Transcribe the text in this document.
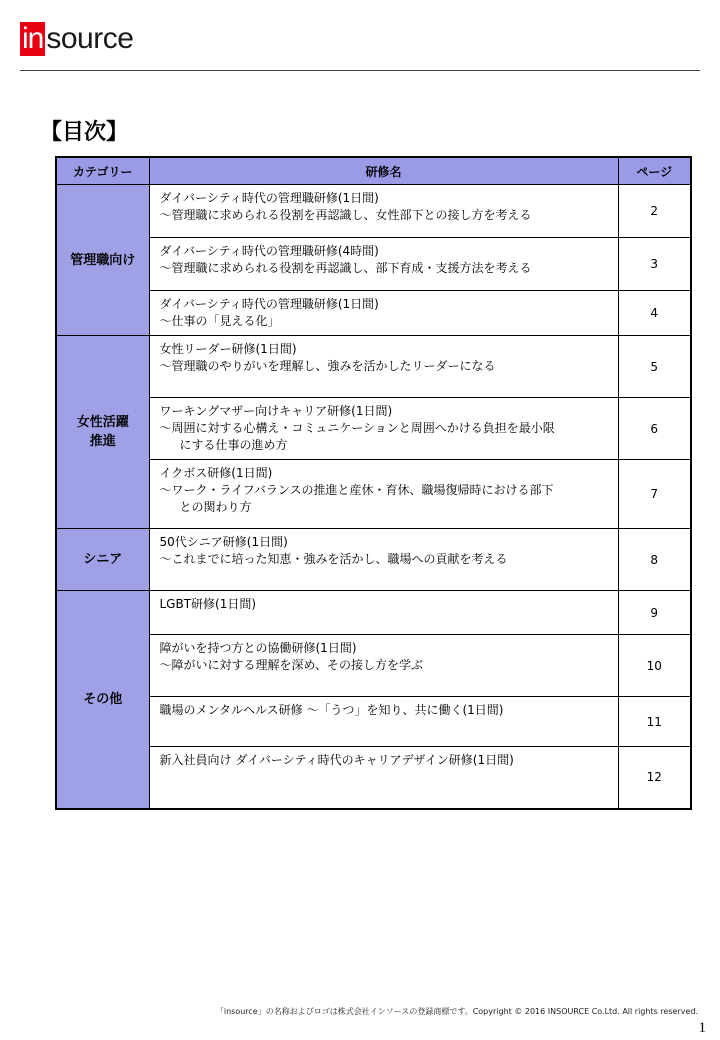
in source
【目次】
カテゴリー	研修名	ページ
管理職向け	ダイバーシティ時代の管理職研修(1日間)
～管理職に求められる役割を再認識し、女性部下との接し方を考える	2

	ダイバーシティ時代の管理職研修(4時間)
～管理職に求められる役割を再認識し、部下育成・支援方法を考える	3

	ダイバーシティ時代の管理職研修(1日間)
～仕事の「見える化」	4
女性活躍推進	女性リーダー研修(1日間)
～管理職のやりがいを理解し、強みを活かしたリーダーになる	5

	ワーキングマザー向けキャリア研修(1日間)
～周囲に対する心構え・コミュニケーションと周囲へかける負担を最小限
にする仕事の進め方	6

	イクボス研修(1日間)
～ワーク・ライフバランスの推進と産休・育休、職場復帰時における部下
との関わり方	7
シニア	50代シニア研修(1日間)
～これまでに培った知恵・強みを活かし、職場への貢献を考える	8
その他	LGBT研修(1日間)	9

	障がいを持つ方との協働研修(1日間)
～障がいに対する理解を深め、その接し方を学ぶ	10

	職場のメンタルヘルス研修 ～「うつ」を知り、共に働く(1日間)	11

	新入社員向け ダイバーシティ時代のキャリアデザイン研修(1日間)	12
「insource」の名称およびロゴは株式会社インソースの登録商標です。Copyright © 2016 INSOURCE Co.Ltd. All rights reserved.
1
